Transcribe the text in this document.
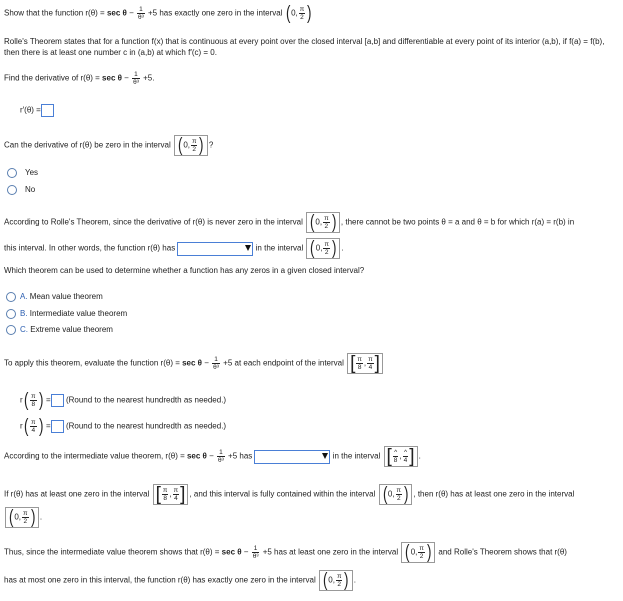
Show that the function $r(\theta) = \sec \theta - \frac{1}{\text{θ³}} +5$ has exactly one zero in the interval (0, $\frac{\pi}{2}$ )
Rolle's Theorem states that for a function f(x) that is continuous at every point over the closed interval [a,b] and differentiable at every point of its interior (a,b), if f(a) = f(b), then there is at least one number c in (a,b) at which f′(c) = 0.
Find the derivative of $r(\theta) = \sec \theta - \frac{1}{\text{θ³}} +5$.
r′(θ) =
Can the derivative of r(θ) be zero in the interval (0, $\frac{\pi}{2}$ ) ?
Yes
No
According to Rolle's Theorem, since the derivative of r(θ) is never zero in the interval (0, $\frac{\pi}{2}$ ) , there cannot be two points θ = a and θ = b for which r(a) = r(b) in
this interval. In other words, the function r(θ) has	in the interval (0, $\frac{\pi}{2}$ ) .
Which theorem can be used to determine whether a function has any zeros in a given closed interval?
A. Mean value theorem
B. Intermediate value theorem
C. Extreme value theorem
To apply this theorem, evaluate the function $r(\theta) = \sec \theta - \frac{1}{\text{θ³}} +5$ at each endpoint of the interval [ $\frac{\pi}{8}$ , $\frac{\pi}{4}$ ]
$r( \frac{\pi}{8}$ ) = (Round to the nearest hundredth as needed.)
$r( \frac{\pi}{4}$ ) = (Round to the nearest hundredth as needed.)
According to the intermediate value theorem, $r(\theta) = \sec \theta - \frac{1}{\text{θ³}} +5$ has	in the interval [ $\frac{\^{}}{8}$ , $\frac{\^{}}{4}$ ] .
If r(θ) has at least one zero in the interval [ $\frac{\pi}{8}$ , $\frac{\pi}{4}$ ] , and this interval is fully contained within the interval (0, $\frac{\pi}{2}$ ) , then r(θ) has at least one zero in the interval
(0, $\frac{\pi}{2}$ ) .
Thus, since the intermediate value theorem shows that $r(\theta) = \sec \theta - \frac{1}{\text{θ³}} +5$ has at least one zero in the interval (0, $\frac{\pi}{2}$ ) and Rolle's Theorem shows that r(θ)
has at most one zero in this interval, the function r(θ) has exactly one zero in the interval (0, $\frac{\pi}{2}$ ) .
